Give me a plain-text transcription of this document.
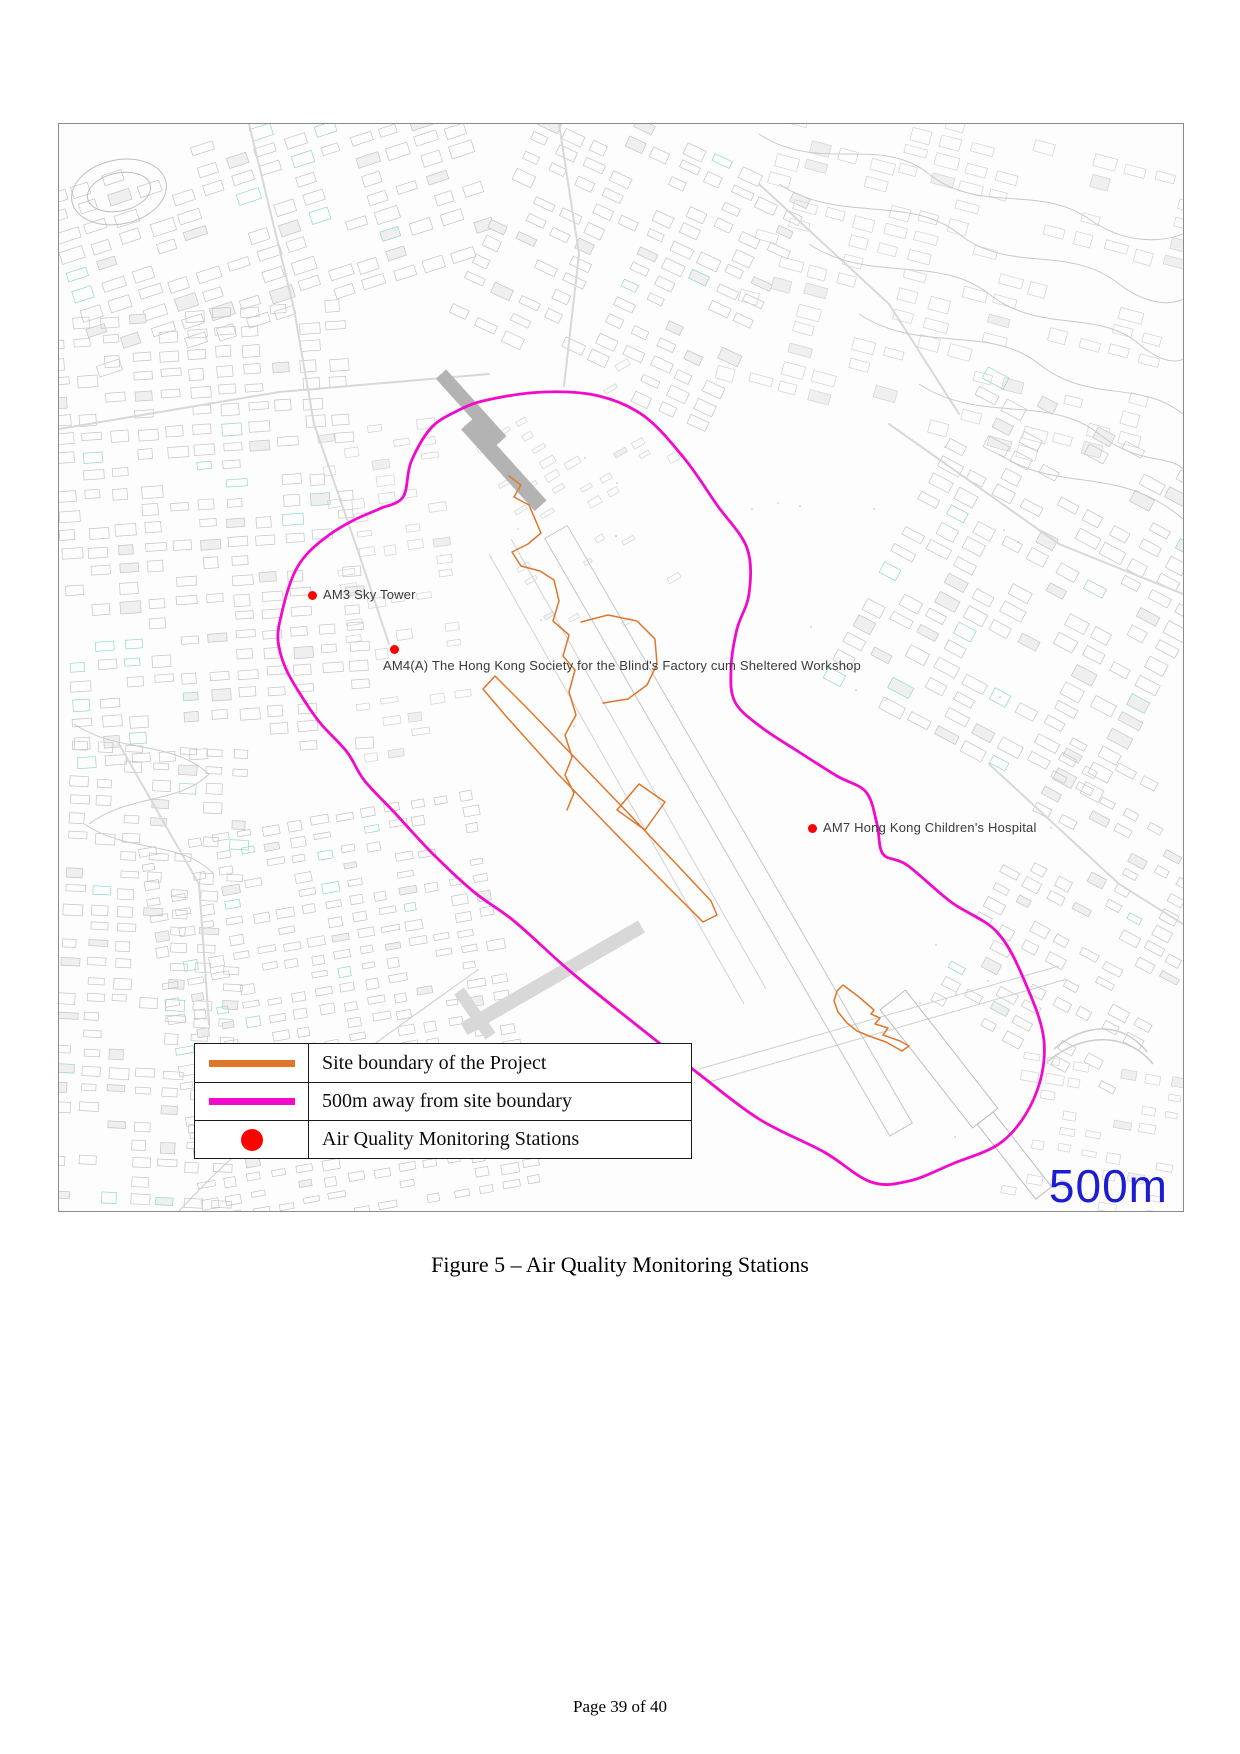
Site boundary of the Project
500m away from site boundary
Air Quality Monitoring Stations
500m
AM3 Sky Tower
AM4(A) The Hong Kong Society for the Blind's Factory cum Sheltered Workshop
AM7 Hong Kong Children's Hospital
Figure 5 – Air Quality Monitoring Stations
Page 39 of 40
